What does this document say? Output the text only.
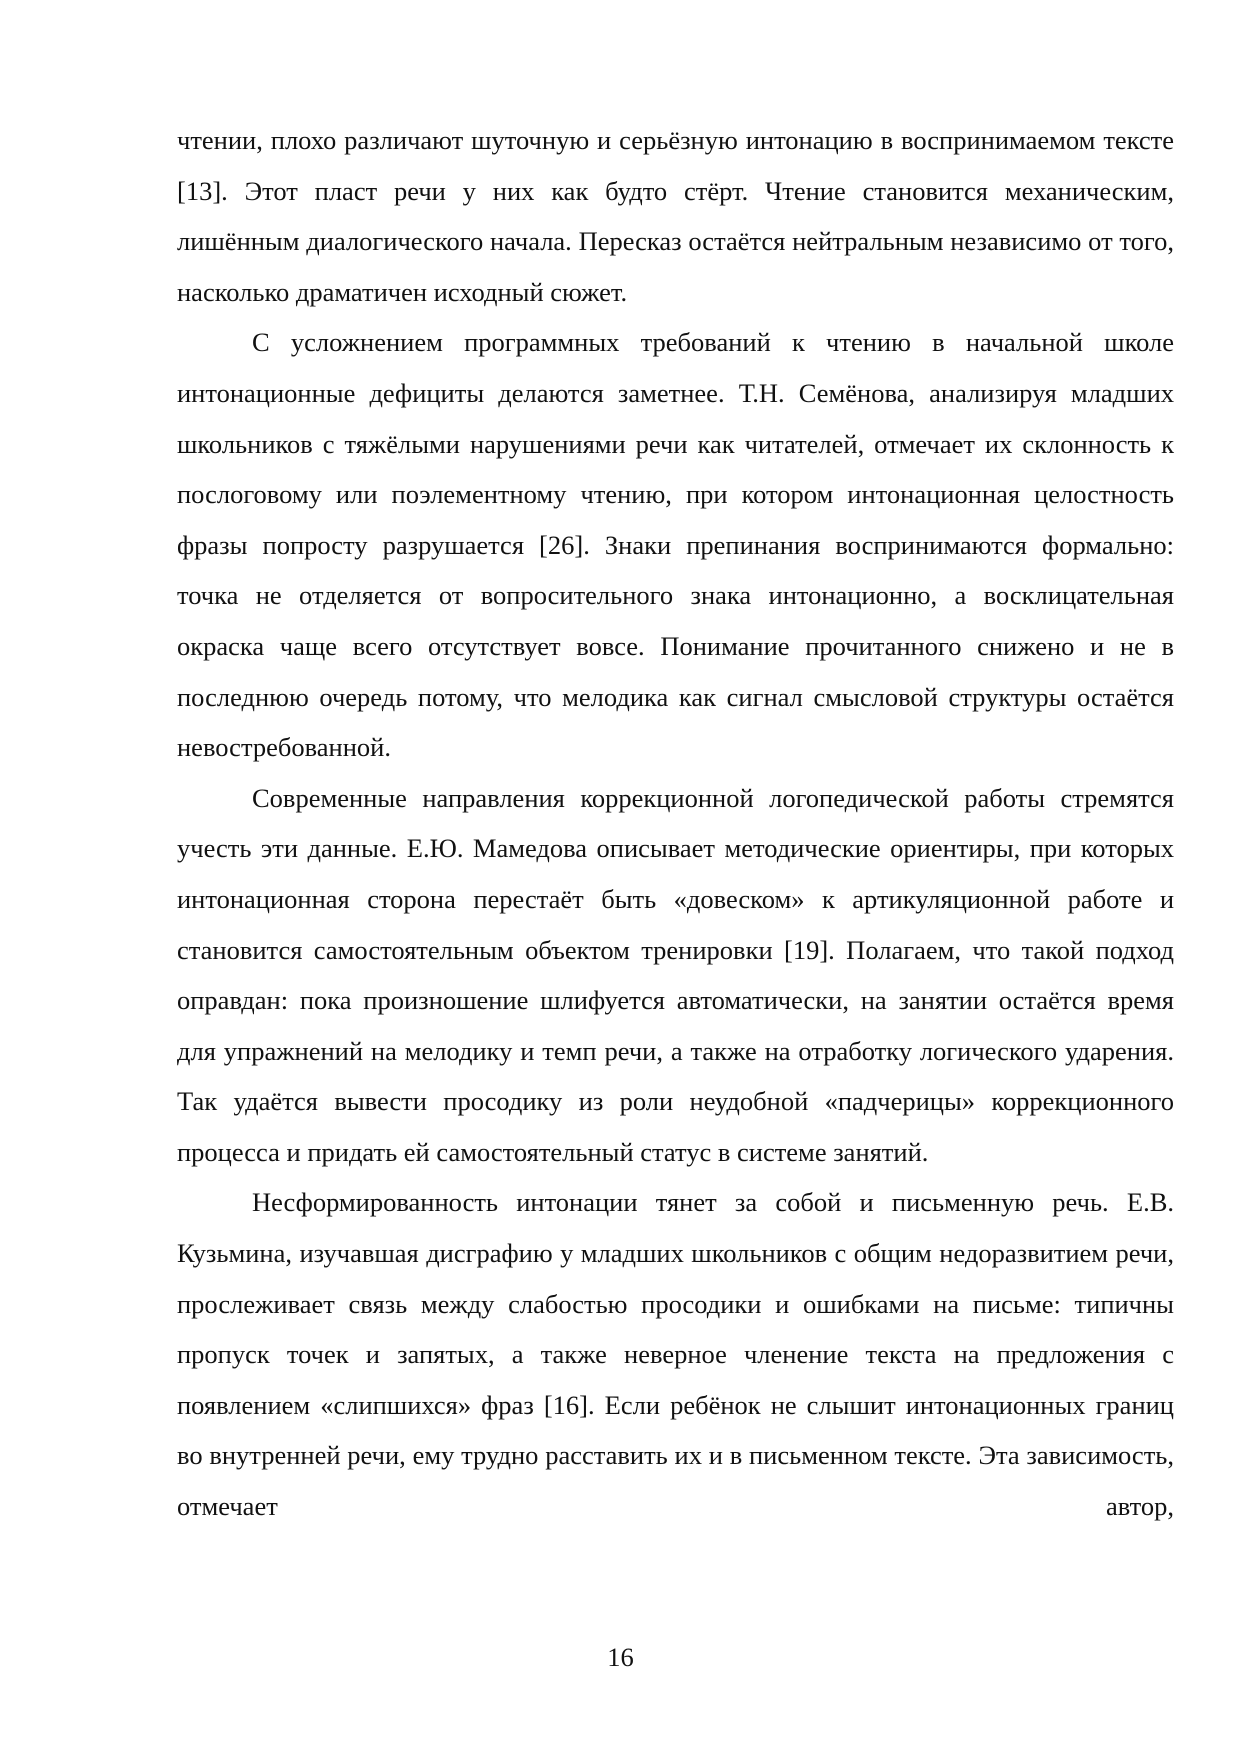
чтении, плохо различают шуточную и серьёзную интонацию в воспринимаемом тексте [13]. Этот пласт речи у них как будто стёрт. Чтение становится механическим, лишённым диалогического начала. Пересказ остаётся нейтральным независимо от того, насколько драматичен исходный сюжет.

С усложнением программных требований к чтению в начальной школе интонационные дефициты делаются заметнее. Т.Н. Семёнова, анализируя младших школьников с тяжёлыми нарушениями речи как читателей, отмечает их склонность к послоговому или поэлементному чтению, при котором интонационная целостность фразы попросту разрушается [26]. Знаки препинания воспринимаются формально: точка не отделяется от вопросительного знака интонационно, а восклицательная окраска чаще всего отсутствует вовсе. Понимание прочитанного снижено и не в последнюю очередь потому, что мелодика как сигнал смысловой структуры остаётся невостребованной.

Современные направления коррекционной логопедической работы стремятся учесть эти данные. Е.Ю. Мамедова описывает методические ориентиры, при которых интонационная сторона перестаёт быть «довеском» к артикуляционной работе и становится самостоятельным объектом тренировки [19]. Полагаем, что такой подход оправдан: пока произношение шлифуется автоматически, на занятии остаётся время для упражнений на мелодику и темп речи, а также на отработку логического ударения. Так удаётся вывести просодику из роли неудобной «падчерицы» коррекционного процесса и придать ей самостоятельный статус в системе занятий.

Несформированность интонации тянет за собой и письменную речь. Е.В. Кузьмина, изучавшая дисграфию у младших школьников с общим недоразвитием речи, прослеживает связь между слабостью просодики и ошибками на письме: типичны пропуск точек и запятых, а также неверное членение текста на предложения с появлением «слипшихся» фраз [16]. Если ребёнок не слышит интонационных границ во внутренней речи, ему трудно расставить их и в письменном тексте. Эта зависимость, отмечает автор,

16
